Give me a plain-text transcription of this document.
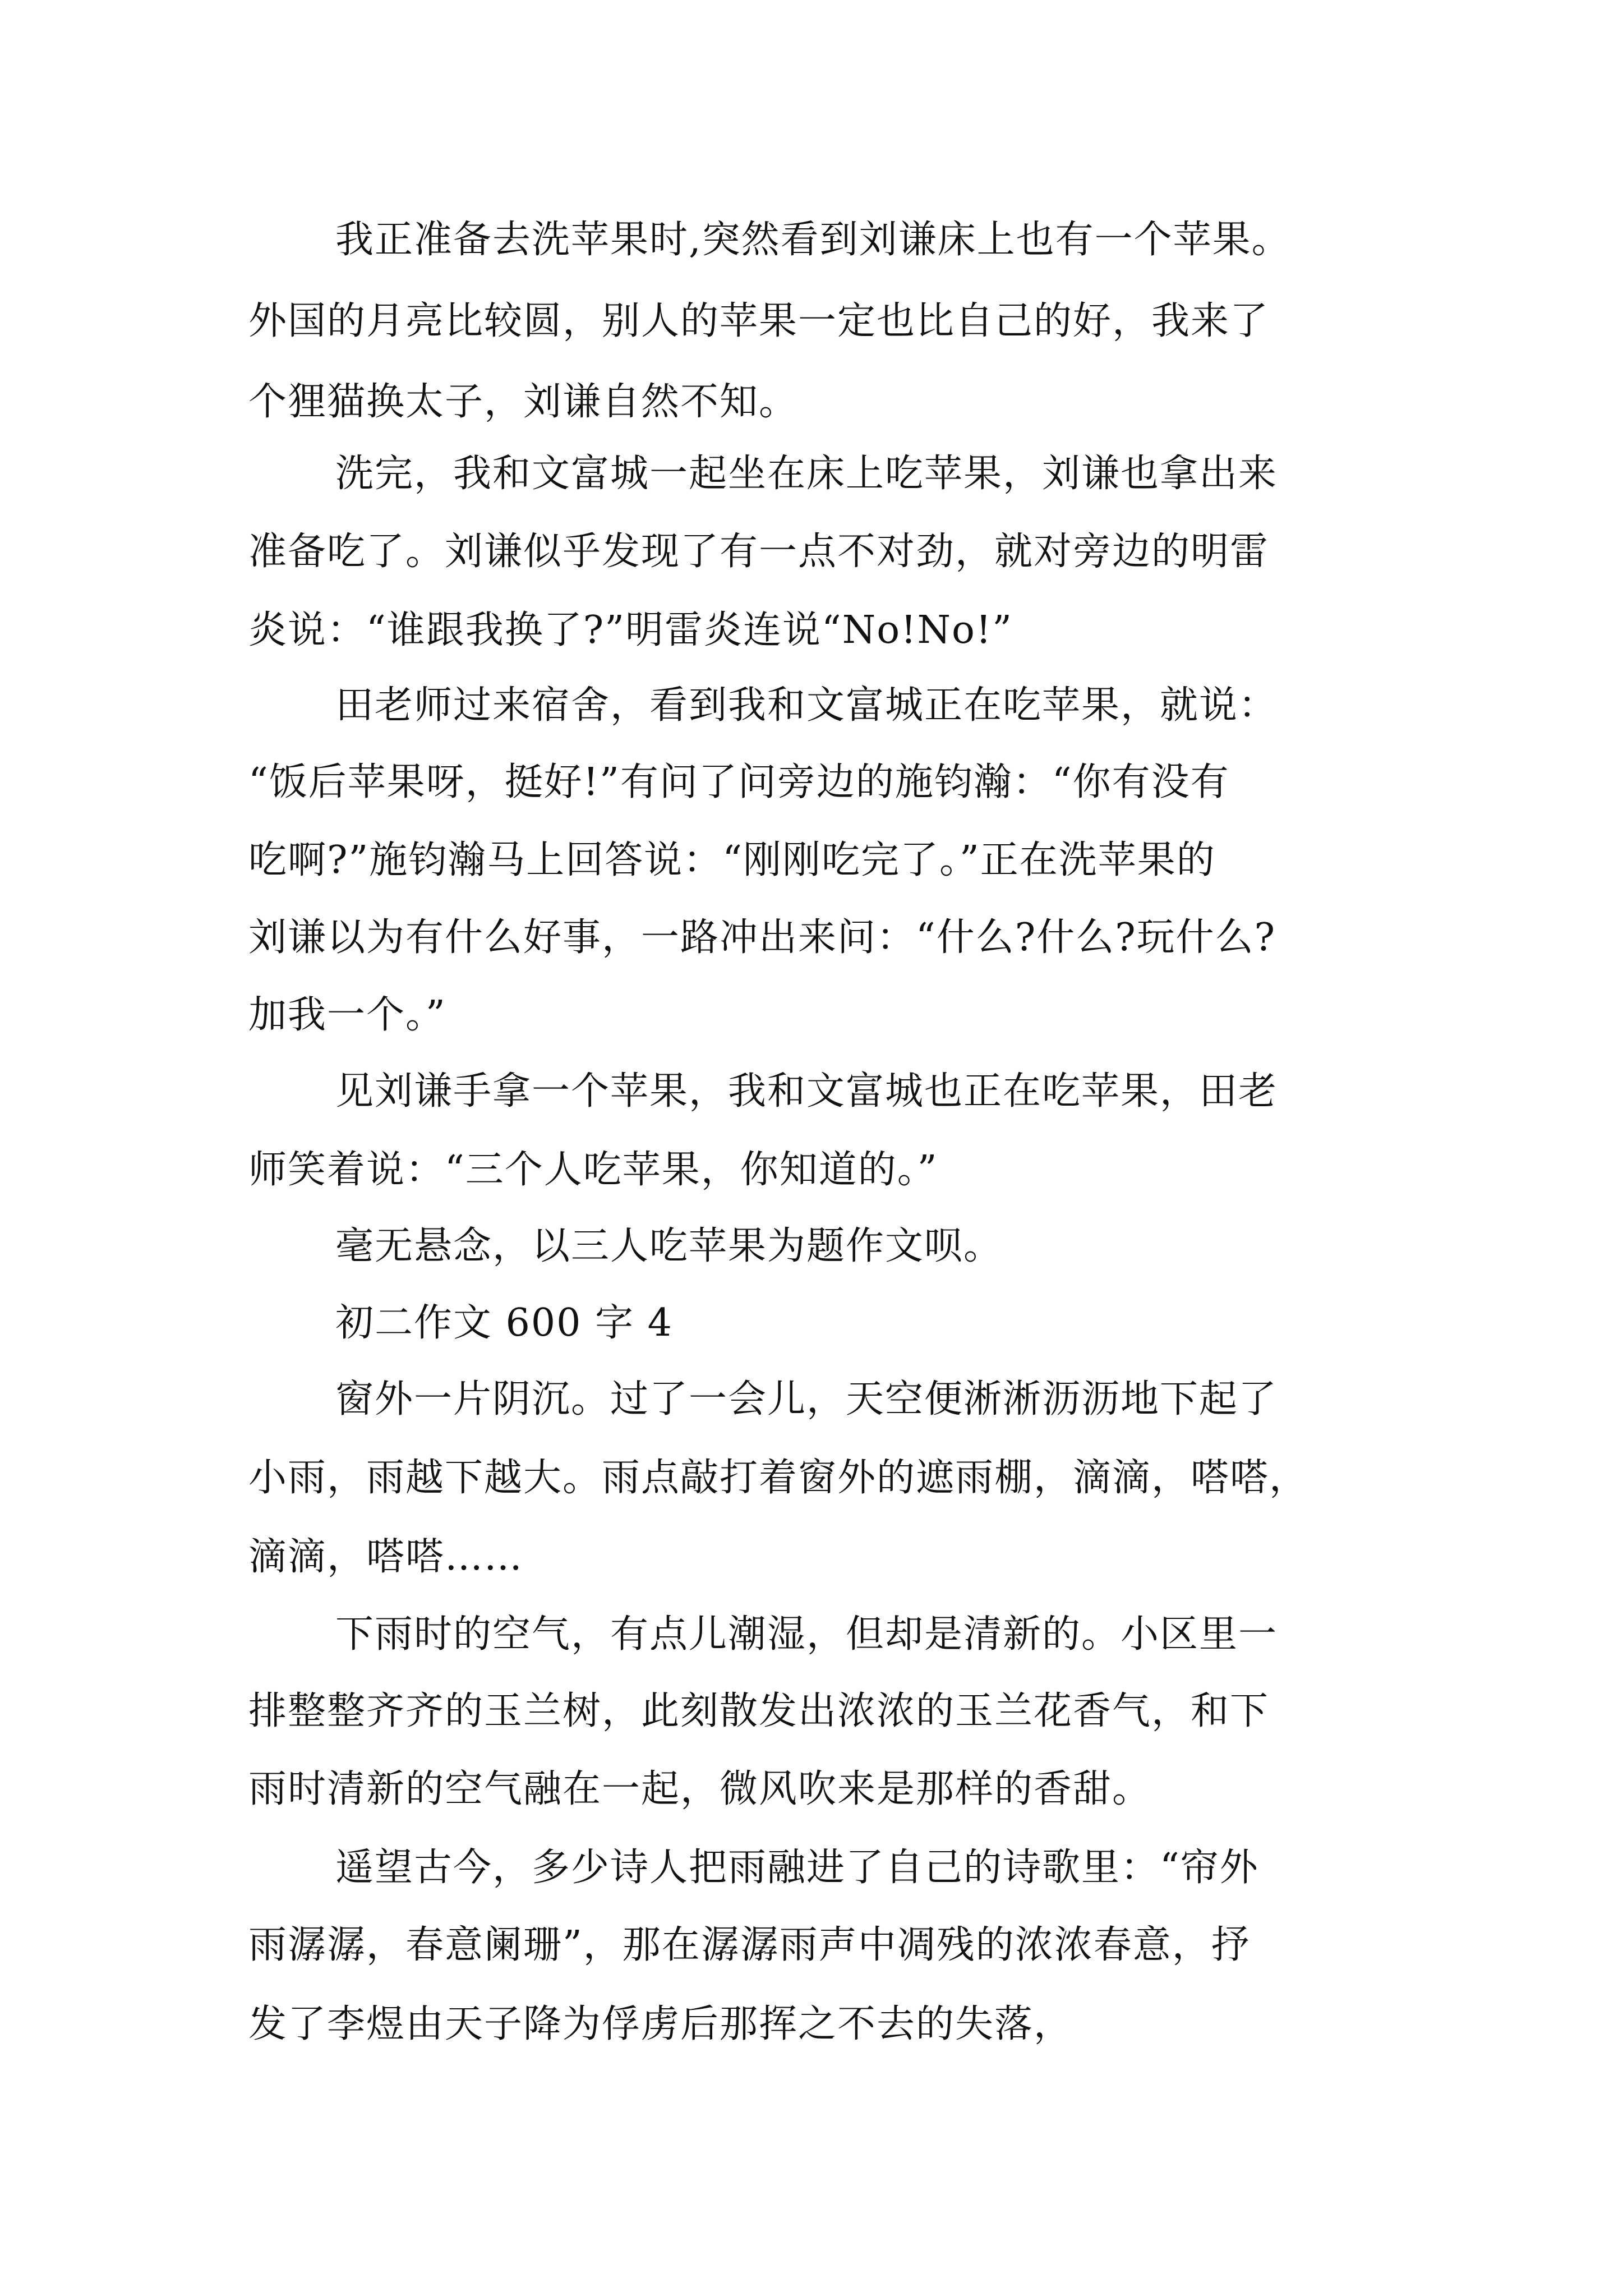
我正准备去洗苹果时,突然看到刘谦床上也有一个苹果。
外国的月亮比较圆，别人的苹果一定也比自己的好，我来了
个狸猫换太子，刘谦自然不知。
洗完，我和文富城一起坐在床上吃苹果，刘谦也拿出来
准备吃了。刘谦似乎发现了有一点不对劲，就对旁边的明雷
炎说：“谁跟我换了?”明雷炎连说“No!No!”
田老师过来宿舍，看到我和文富城正在吃苹果，就说：
“饭后苹果呀，挺好!”有问了问旁边的施钧瀚：“你有没有
吃啊?”施钧瀚马上回答说：“刚刚吃完了。”正在洗苹果的
刘谦以为有什么好事，一路冲出来问：“什么?什么?玩什么?
加我一个。”
见刘谦手拿一个苹果，我和文富城也正在吃苹果，田老
师笑着说：“三个人吃苹果，你知道的。”
毫无悬念，以三人吃苹果为题作文呗。
初二作文 600 字 4
窗外一片阴沉。过了一会儿，天空便淅淅沥沥地下起了
小雨，雨越下越大。雨点敲打着窗外的遮雨棚，滴滴，嗒嗒，
滴滴，嗒嗒……
下雨时的空气，有点儿潮湿，但却是清新的。小区里一
排整整齐齐的玉兰树，此刻散发出浓浓的玉兰花香气，和下
雨时清新的空气融在一起，微风吹来是那样的香甜。
遥望古今，多少诗人把雨融进了自己的诗歌里：“帘外
雨潺潺，春意阑珊”，那在潺潺雨声中凋残的浓浓春意，抒
发了李煜由天子降为俘虏后那挥之不去的失落，
